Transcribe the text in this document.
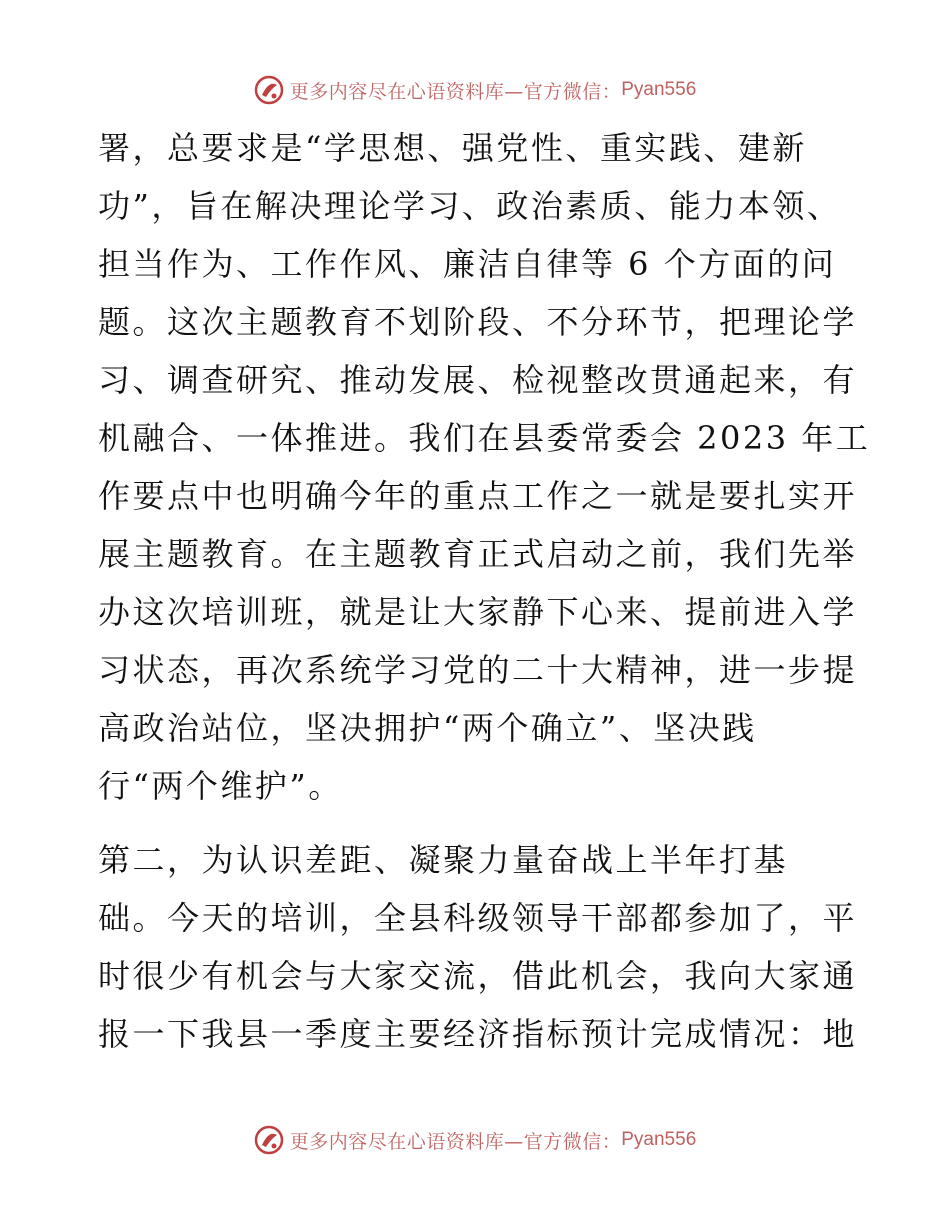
更多内容尽在心语资料库—官方微信： Pyan556
署，总要求是“学思想、强党性、重实践、建新
功”，旨在解决理论学习、政治素质、能力本领、
担当作为、工作作风、廉洁自律等 6 个方面的问
题。这次主题教育不划阶段、不分环节，把理论学
习、调查研究、推动发展、检视整改贯通起来，有
机融合、一体推进。我们在县委常委会 2023 年工
作要点中也明确今年的重点工作之一就是要扎实开
展主题教育。在主题教育正式启动之前，我们先举
办这次培训班，就是让大家静下心来、提前进入学
习状态，再次系统学习党的二十大精神，进一步提
高政治站位，坚决拥护“两个确立”、坚决践
行“两个维护”。
第二，为认识差距、凝聚力量奋战上半年打基
础。今天的培训，全县科级领导干部都参加了，平
时很少有机会与大家交流，借此机会，我向大家通
报一下我县一季度主要经济指标预计完成情况：地
更多内容尽在心语资料库—官方微信： Pyan556
